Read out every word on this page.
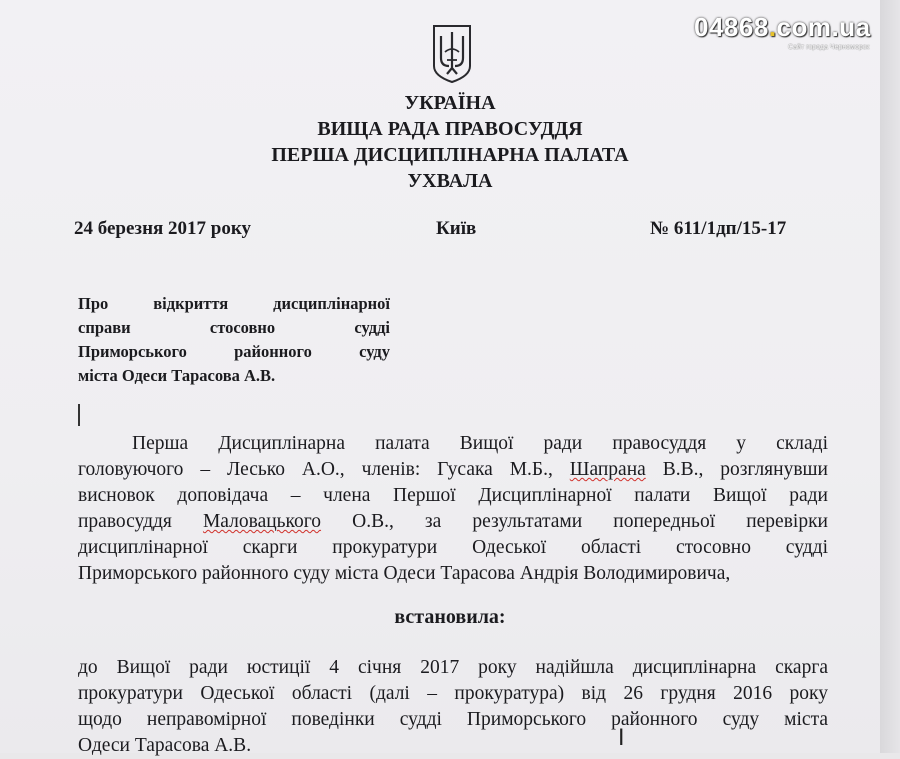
04868.com.ua
Сайт города Черноморск
УКРАЇНА
ВИЩА РАДА ПРАВОСУДДЯ
ПЕРША ДИСЦИПЛІНАРНА ПАЛАТА
УХВАЛА
24 березня 2017 року	Київ	№ 611/1дп/15-17
Про відкриття дисциплінарної
справи стосовно судді
Приморського районного суду
міста Одеси Тарасова А.В.
Перша Дисциплінарна палата Вищої ради правосуддя у складі
головуючого – Лесько А.О., членів: Гусака М.Б., Шапрана В.В., розглянувши
висновок доповідача – члена Першої Дисциплінарної палати Вищої ради
правосуддя Маловацького О.В., за результатами попередньої перевірки
дисциплінарної скарги прокуратури Одеської області стосовно судді
Приморського районного суду міста Одеси Тарасова Андрія Володимировича,
встановила:
до Вищої ради юстиції 4 січня 2017 року надійшла дисциплінарна скарга
прокуратури Одеської області (далі – прокуратура) від 26 грудня 2016 року
щодо неправомірної поведінки судді Приморського районного суду міста
Одеси Тарасова А.В.	I
